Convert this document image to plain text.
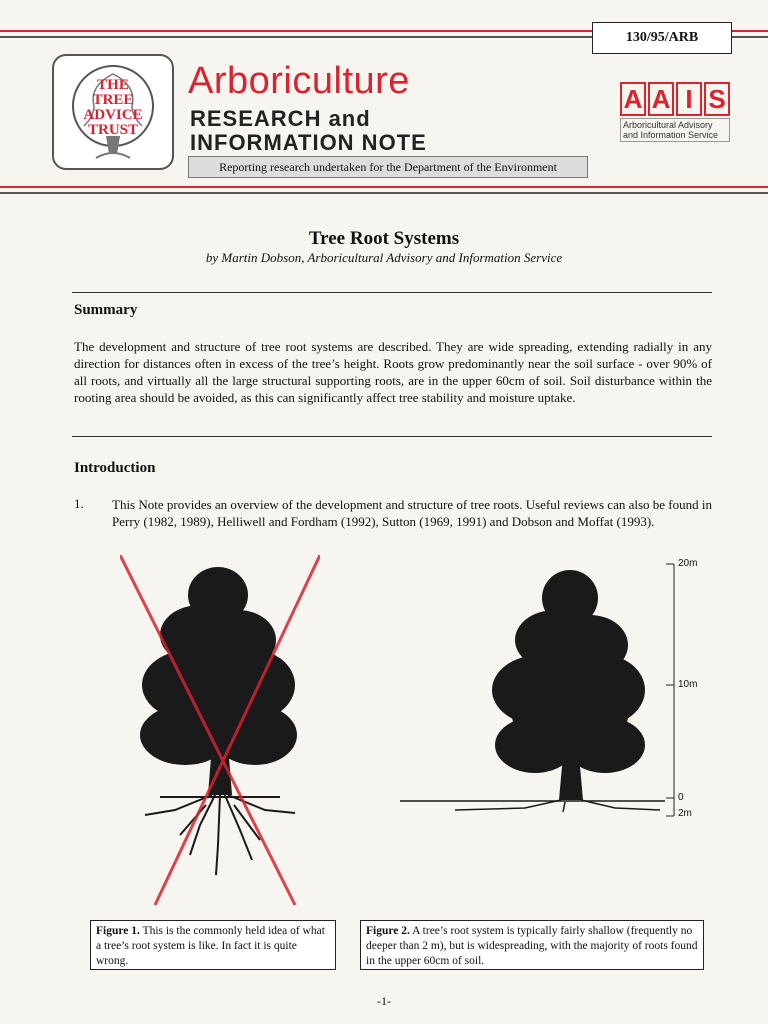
130/95/ARB
THE
TREE
ADVICE
TRUST
Arboriculture
RESEARCH and
INFORMATION NOTE
A A I S
Arboricultural Advisory
and Information Service
Reporting research undertaken for the Department of the Environment
Tree Root Systems
by Martin Dobson, Arboricultural Advisory and Information Service
Summary
The development and structure of tree root systems are described. They are wide spreading, extending radially in any direction for distances often in excess of the tree’s height. Roots grow predominantly near the soil surface - over 90% of all roots, and virtually all the large structural supporting roots, are in the upper 60cm of soil. Soil disturbance within the rooting area should be avoided, as this can significantly affect tree stability and moisture uptake.
Introduction
1. This Note provides an overview of the development and structure of tree roots. Useful reviews can also be found in Perry (1982, 1989), Helliwell and Fordham (1992), Sutton (1969, 1991) and Dobson and Moffat (1993).
20m
10m
0
2m
Figure 1. This is the commonly held idea of what a tree’s root system is like. In fact it is quite wrong.
Figure 2. A tree’s root system is typically fairly shallow (frequently no deeper than 2 m), but is widespreading, with the majority of roots found in the upper 60cm of soil.
-1-
